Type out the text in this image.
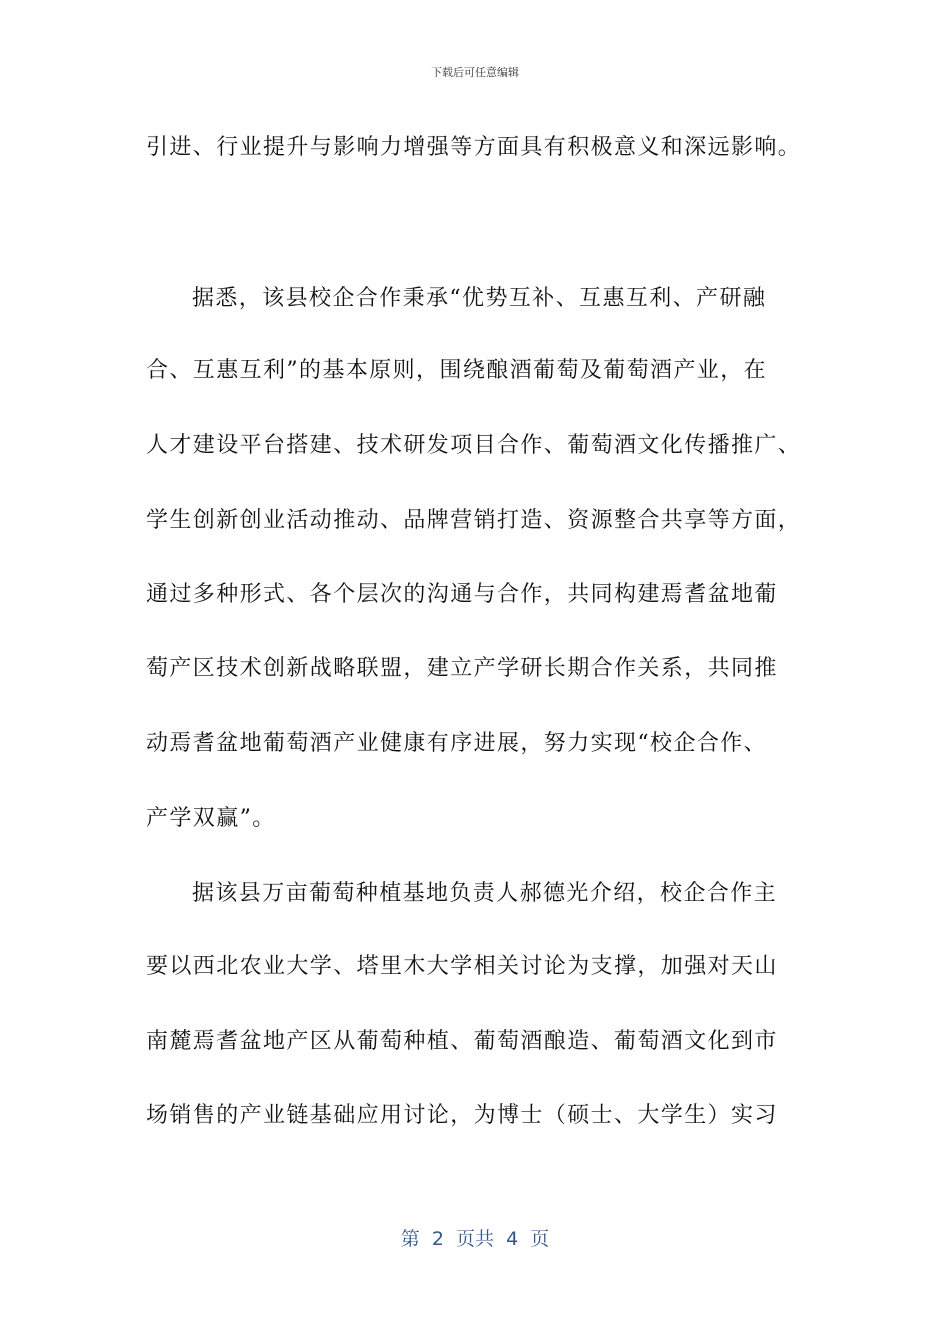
下载后可任意编辑
引进、行业提升与影响力增强等方面具有积极意义和深远影响。
据悉，该县校企合作秉承“优势互补、互惠互利、产研融
合、互惠互利”的基本原则，围绕酿酒葡萄及葡萄酒产业，在
人才建设平台搭建、技术研发项目合作、葡萄酒文化传播推广、
学生创新创业活动推动、品牌营销打造、资源整合共享等方面，
通过多种形式、各个层次的沟通与合作，共同构建焉耆盆地葡
萄产区技术创新战略联盟，建立产学研长期合作关系，共同推
动焉耆盆地葡萄酒产业健康有序进展，努力实现“校企合作、
产学双赢”。
据该县万亩葡萄种植基地负责人郝德光介绍，校企合作主
要以西北农业大学、塔里木大学相关讨论为支撑，加强对天山
南麓焉耆盆地产区从葡萄种植、葡萄酒酿造、葡萄酒文化到市
场销售的产业链基础应用讨论，为博士（硕士、大学生）实习
第  2  页共  4  页
